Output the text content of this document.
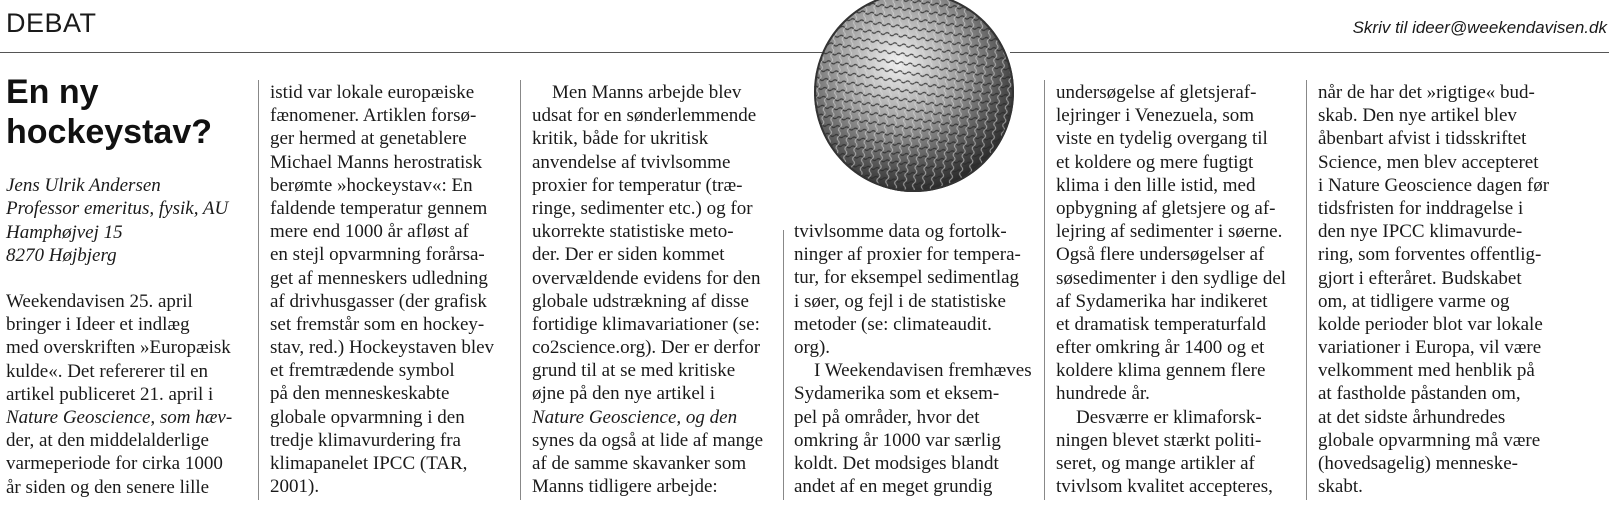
DEBAT	Skriv til ideer@weekendavisen.dk
En ny
hockeystav?
Jens Ulrik Andersen
Professor emeritus, fysik, AU
Hamphøjvej 15
8270 Højbjerg
Weekendavisen 25. april
bringer i Ideer et indlæg
med overskriften »Europæisk
kulde«. Det refererer til en
artikel publiceret 21. april i
Nature Geoscience, som hæv-
der, at den middelalderlige
varmeperiode for cirka 1000
år siden og den senere lille
istid var lokale europæiske
fænomener. Artiklen forsø-
ger hermed at genetablere
Michael Manns herostratisk
berømte »hockeystav«: En
faldende temperatur gennem
mere end 1000 år afløst af
en stejl opvarmning forårsa-
get af menneskers udledning
af drivhusgasser (der grafisk
set fremstår som en hockey-
stav, red.) Hockeystaven blev
et fremtrædende symbol
på den menneskeskabte
globale opvarmning i den
tredje klimavurdering fra
klimapanelet IPCC (TAR,
2001).
Men Manns arbejde blev
udsat for en sønderlemmende
kritik, både for ukritisk
anvendelse af tvivlsomme
proxier for temperatur (træ-
ringe, sedimenter etc.) og for
ukorrekte statistiske meto-
der. Der er siden kommet
overvældende evidens for den
globale udstrækning af disse
fortidige klimavariationer (se:
co2science.org). Der er derfor
grund til at se med kritiske
øjne på den nye artikel i
Nature Geoscience, og den
synes da også at lide af mange
af de samme skavanker som
Manns tidligere arbejde:
tvivlsomme data og fortolk-
ninger af proxier for tempera-
tur, for eksempel sedimentlag
i søer, og fejl i de statistiske
metoder (se: climateaudit.
org).
I Weekendavisen fremhæves
Sydamerika som et eksem-
pel på områder, hvor det
omkring år 1000 var særlig
koldt. Det modsiges blandt
andet af en meget grundig
undersøgelse af gletsjeraf-
lejringer i Venezuela, som
viste en tydelig overgang til
et koldere og mere fugtigt
klima i den lille istid, med
opbygning af gletsjere og af-
lejring af sedimenter i søerne.
Også flere undersøgelser af
søsedimenter i den sydlige del
af Sydamerika har indikeret
et dramatisk temperaturfald
efter omkring år 1400 og et
koldere klima gennem flere
hundrede år.
Desværre er klimaforsk-
ningen blevet stærkt politi-
seret, og mange artikler af
tvivlsom kvalitet accepteres,
når de har det »rigtige« bud-
skab. Den nye artikel blev
åbenbart afvist i tidsskriftet
Science, men blev accepteret
i Nature Geoscience dagen før
tidsfristen for inddragelse i
den nye IPCC klimavurde-
ring, som forventes offentlig-
gjort i efteråret. Budskabet
om, at tidligere varme og
kolde perioder blot var lokale
variationer i Europa, vil være
velkomment med henblik på
at fastholde påstanden om,
at det sidste århundredes
globale opvarmning må være
(hovedsagelig) menneske-
skabt.
